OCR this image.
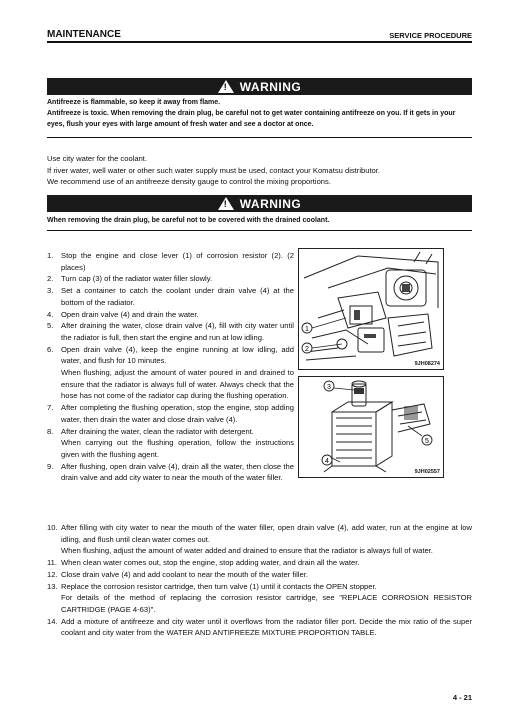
MAINTENANCE	SERVICE PROCEDURE
! WARNING
Antifreeze is flammable, so keep it away from flame.
Antifreeze is toxic. When removing the drain plug, be careful not to get water containing antifreeze on you. If it gets in your eyes, flush your eyes with large amount of fresh water and see a doctor at once.
Use city water for the coolant.
If river water, well water or other such water supply must be used, contact your Komatsu distributor.
We recommend use of an antifreeze density gauge to control the mixing proportions.
! WARNING
When removing the drain plug, be careful not to be covered with the drained coolant.
1.	Stop the engine and close lever (1) of corrosion resistor (2). (2 places)
2.	Turn cap (3) of the radiator water filler slowly.
3.	Set a container to catch the coolant under drain valve (4) at the bottom of the radiator.
4.	Open drain valve (4) and drain the water.
5.	After draining the water, close drain valve (4), fill with city water until the radiator is full, then start the engine and run at low idling.
6.	Open drain valve (4), keep the engine running at low idling, add water, and flush for 10 minutes.
When flushing, adjust the amount of water poured in and drained to ensure that the radiator is always full of water. Always check that the hose has not come of the radiator cap during the flushing operation.
7.	After completing the flushing operation, stop the engine, stop adding water, then drain the water and close drain valve (4).
8.	After draining the water, clean the radiator with detergent.
When carrying out the flushing operation, follow the instructions given with the flushing agent.
9.	After flushing, open drain valve (4), drain all the water, then close the drain valve and add city water to near the mouth of the water filler.
1
2
9JH08274
3
4
5
9JH02557
10. After filling with city water to near the mouth of the water filler, open drain valve (4), add water, run at the engine at low idling, and flush until clean water comes out.
When flushing, adjust the amount of water added and drained to ensure that the radiator is always full of water.
11. When clean water comes out, stop the engine, stop adding water, and drain all the water.
12. Close drain valve (4) and add coolant to near the mouth of the water filler.
13. Replace the corrosion resistor cartridge, then turn valve (1) until it contacts the OPEN stopper.
For details of the method of replacing the corrosion resistor cartridge, see "REPLACE CORROSION RESISTOR CARTRIDGE (PAGE 4-63)".
14. Add a mixture of antifreeze and city water until it overflows from the radiator filler port. Decide the mix ratio of the super coolant and city water from the WATER AND ANTIFREEZE MIXTURE PROPORTION TABLE.
4 - 21
